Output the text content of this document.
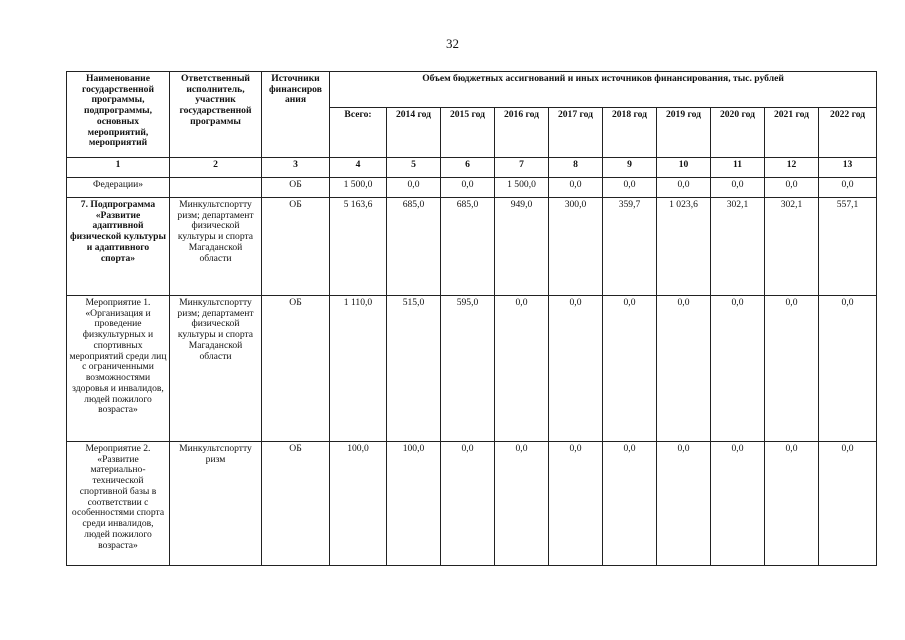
32
Наименование государственной программы, подпрограммы, основных мероприятий, мероприятий	Ответственный исполнитель, участник государственной программы	Источники финансиров ания	Объем бюджетных ассигнований и иных источников финансирования, тыс. рублей									
			Всего:	2014 год	2015 год	2016 год	2017 год	2018 год	2019 год	2020 год	2021 год	2022 год
1	2	3	4	5	6	7	8	9	10	11	12	13
Федерации»		ОБ	1 500,0	0,0	0,0	1 500,0	0,0	0,0	0,0	0,0	0,0	0,0
7. Подпрограмма «Развитие адаптивной физической культуры и адаптивного спорта»	Минкультспортту ризм; департамент физической культуры и спорта Магаданской области	ОБ	5 163,6	685,0	685,0	949,0	300,0	359,7	1 023,6	302,1	302,1	557,1
Мероприятие 1. «Организация и проведение физкультурных и спортивных мероприятий среди лиц с ограниченными возможностями здоровья и инвалидов, людей пожилого возраста»	Минкультспортту ризм; департамент физической культуры и спорта Магаданской области	ОБ	1 110,0	515,0	595,0	0,0	0,0	0,0	0,0	0,0	0,0	0,0
Мероприятие 2. «Развитие материально-технической спортивной базы в соответствии с особенностями спорта среди инвалидов, людей пожилого возраста»	Минкультспортту ризм	ОБ	100,0	100,0	0,0	0,0	0,0	0,0	0,0	0,0	0,0	0,0
